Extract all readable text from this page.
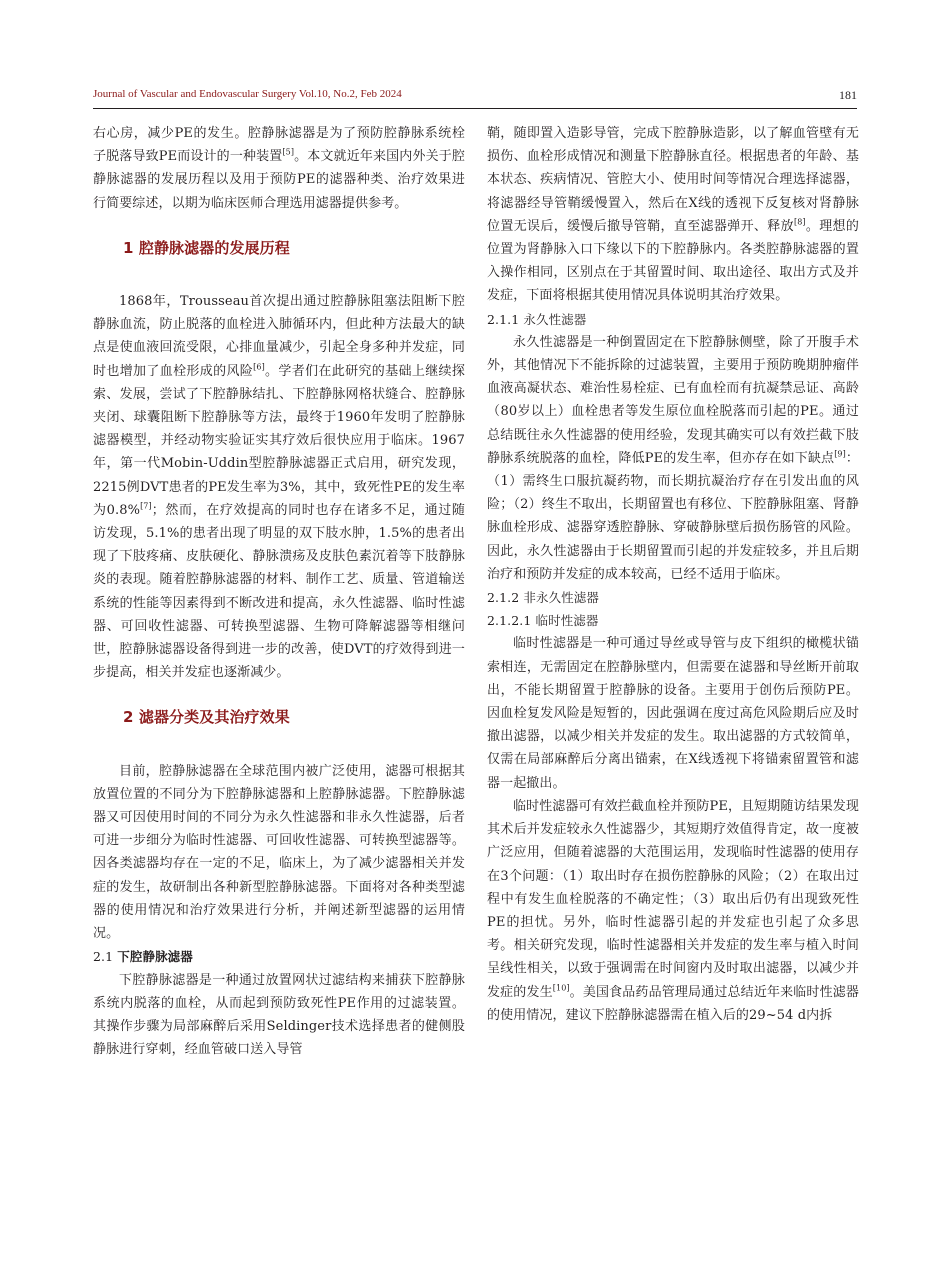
Journal of Vascular and Endovascular Surgery Vol.10, No.2, Feb 2024	181

右心房，减少PE的发生。腔静脉滤器是为了预防腔静脉系统栓子脱落导致PE而设计的一种装置[5]。本文就近年来国内外关于腔静脉滤器的发展历程以及用于预防PE的滤器种类、治疗效果进行简要综述，以期为临床医师合理选用滤器提供参考。

1 腔静脉滤器的发展历程

1868年，Trousseau首次提出通过腔静脉阻塞法阻断下腔静脉血流，防止脱落的血栓进入肺循环内，但此种方法最大的缺点是使血液回流受限，心排血量减少，引起全身多种并发症，同时也增加了血栓形成的风险[6]。学者们在此研究的基础上继续探索、发展，尝试了下腔静脉结扎、下腔静脉网格状缝合、腔静脉夹闭、球囊阻断下腔静脉等方法，最终于1960年发明了腔静脉滤器模型，并经动物实验证实其疗效后很快应用于临床。1967年，第一代Mobin-Uddin型腔静脉滤器正式启用，研究发现，2215例DVT患者的PE发生率为3%，其中，致死性PE的发生率为0.8%[7]；然而，在疗效提高的同时也存在诸多不足，通过随访发现，5.1%的患者出现了明显的双下肢水肿，1.5%的患者出现了下肢疼痛、皮肤硬化、静脉溃疡及皮肤色素沉着等下肢静脉炎的表现。随着腔静脉滤器的材料、制作工艺、质量、管道输送系统的性能等因素得到不断改进和提高，永久性滤器、临时性滤器、可回收性滤器、可转换型滤器、生物可降解滤器等相继问世，腔静脉滤器设备得到进一步的改善，使DVT的疗效得到进一步提高，相关并发症也逐渐减少。

2 滤器分类及其治疗效果

目前，腔静脉滤器在全球范围内被广泛使用，滤器可根据其放置位置的不同分为下腔静脉滤器和上腔静脉滤器。下腔静脉滤器又可因使用时间的不同分为永久性滤器和非永久性滤器，后者可进一步细分为临时性滤器、可回收性滤器、可转换型滤器等。因各类滤器均存在一定的不足，临床上，为了减少滤器相关并发症的发生，故研制出各种新型腔静脉滤器。下面将对各种类型滤器的使用情况和治疗效果进行分析，并阐述新型滤器的运用情况。

2.1 下腔静脉滤器

下腔静脉滤器是一种通过放置网状过滤结构来捕获下腔静脉系统内脱落的血栓，从而起到预防致死性PE作用的过滤装置。其操作步骤为局部麻醉后采用Seldinger技术选择患者的健侧股静脉进行穿刺，经血管破口送入导管

鞘，随即置入造影导管，完成下腔静脉造影，以了解血管壁有无损伤、血栓形成情况和测量下腔静脉直径。根据患者的年龄、基本状态、疾病情况、管腔大小、使用时间等情况合理选择滤器，将滤器经导管鞘缓慢置入，然后在X线的透视下反复核对肾静脉位置无误后，缓慢后撤导管鞘，直至滤器弹开、释放[8]。理想的位置为肾静脉入口下缘以下的下腔静脉内。各类腔静脉滤器的置入操作相同，区别点在于其留置时间、取出途径、取出方式及并发症，下面将根据其使用情况具体说明其治疗效果。

2.1.1 永久性滤器

永久性滤器是一种倒置固定在下腔静脉侧壁，除了开腹手术外，其他情况下不能拆除的过滤装置，主要用于预防晚期肿瘤伴血液高凝状态、难治性易栓症、已有血栓而有抗凝禁忌证、高龄（80岁以上）血栓患者等发生原位血栓脱落而引起的PE。通过总结既往永久性滤器的使用经验，发现其确实可以有效拦截下肢静脉系统脱落的血栓，降低PE的发生率，但亦存在如下缺点[9]：（1）需终生口服抗凝药物，而长期抗凝治疗存在引发出血的风险；（2）终生不取出，长期留置也有移位、下腔静脉阻塞、肾静脉血栓形成、滤器穿透腔静脉、穿破静脉壁后损伤肠管的风险。因此，永久性滤器由于长期留置而引起的并发症较多，并且后期治疗和预防并发症的成本较高，已经不适用于临床。

2.1.2 非永久性滤器

2.1.2.1 临时性滤器

临时性滤器是一种可通过导丝或导管与皮下组织的橄榄状锚索相连，无需固定在腔静脉壁内，但需要在滤器和导丝断开前取出，不能长期留置于腔静脉的设备。主要用于创伤后预防PE。因血栓复发风险是短暂的，因此强调在度过高危风险期后应及时撤出滤器，以减少相关并发症的发生。取出滤器的方式较简单，仅需在局部麻醉后分离出锚索，在X线透视下将锚索留置管和滤器一起撤出。

临时性滤器可有效拦截血栓并预防PE，且短期随访结果发现其术后并发症较永久性滤器少，其短期疗效值得肯定，故一度被广泛应用，但随着滤器的大范围运用，发现临时性滤器的使用存在3个问题：（1）取出时存在损伤腔静脉的风险；（2）在取出过程中有发生血栓脱落的不确定性；（3）取出后仍有出现致死性PE的担忧。另外，临时性滤器引起的并发症也引起了众多思考。相关研究发现，临时性滤器相关并发症的发生率与植入时间呈线性相关，以致于强调需在时间窗内及时取出滤器，以减少并发症的发生[10]。美国食品药品管理局通过总结近年来临时性滤器的使用情况，建议下腔静脉滤器需在植入后的29~54 d内拆
